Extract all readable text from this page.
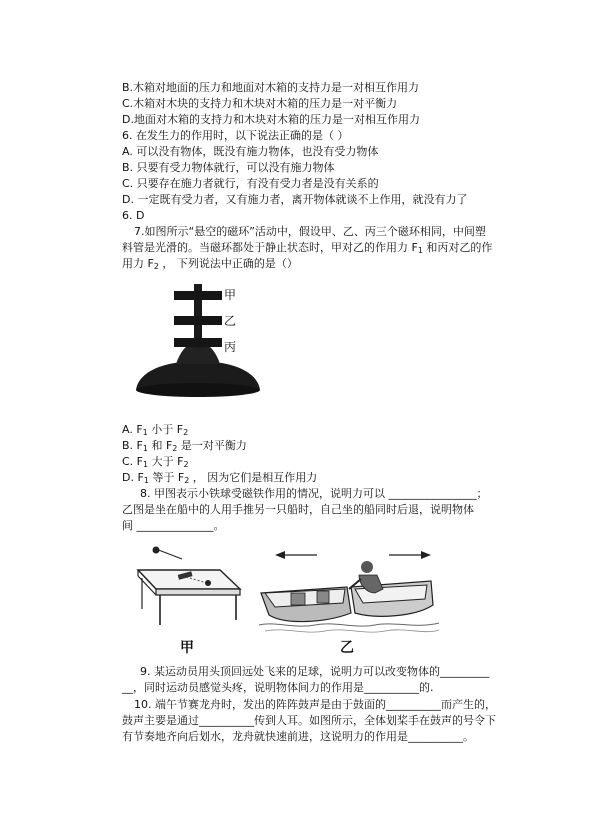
B.木箱对地面的压力和地面对木箱的支持力是一对相互作用力
C.木箱对木块的支持力和木块对木箱的压力是一对平衡力
D.地面对木箱的支持力和木块对木箱的压力是一对相互作用力
6. 在发生力的作用时，以下说法正确的是（ ）
A. 可以没有物体，既没有施力物体，也没有受力物体
B. 只要有受力物体就行，可以没有施力物体
C. 只要存在施力者就行，有没有受力者是没有关系的
D. 一定既有受力者，又有施力者，离开物体就谈不上作用，就没有力了
6. D
7.如图所示“悬空的磁环”活动中，假设甲、乙、丙三个磁环相同，中间塑
料管是光滑的。当磁环都处于静止状态时，甲对乙的作用力 $F_1$ 和丙对乙的作
用力 $F_2$ ， 下列说法中正确的是（）
甲
乙
丙
A. $F_1$ 小于 $F_2$
B. $F_1$ 和 $F_2$ 是一对平衡力
C. $F_1$ 大于 $F_2$
D. $F_1$ 等于 $F_2$ ， 因为它们是相互作用力
8. 甲图表示小铁球受磁铁作用的情况，说明力可以 ________________；
乙图是坐在船中的人用手推另一只船时，自己坐的船同时后退，说明物体
间 ______________。
甲	乙
9. 某运动员用头顶回远处飞来的足球，说明力可以改变物体的_________
__，同时运动员感觉头疼，说明物体间力的作用是__________的.
10. 端午节赛龙舟时，发出的阵阵鼓声是由于鼓面的__________而产生的，
鼓声主要是通过__________传到人耳。如图所示，全体划桨手在鼓声的号令下
有节奏地齐向后划水，龙舟就快速前进，这说明力的作用是__________。
